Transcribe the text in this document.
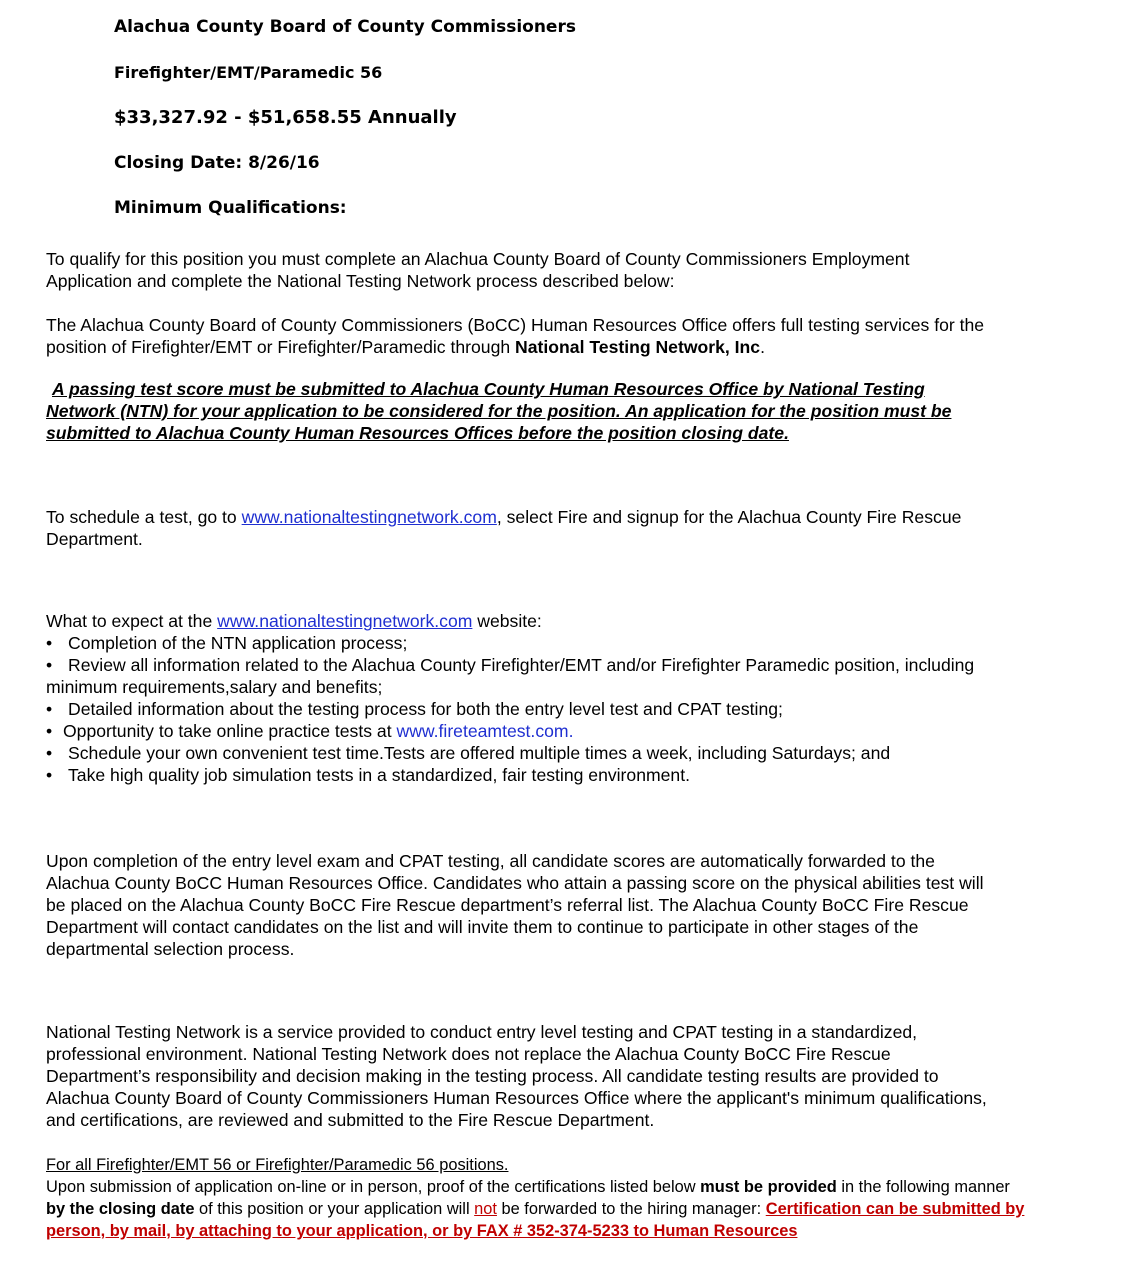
Alachua County Board of County Commissioners
Firefighter/EMT/Paramedic 56
$33,327.92 - $51,658.55 Annually
Closing Date: 8/26/16
Minimum Qualifications:
To qualify for this position you must complete an Alachua County Board of County Commissioners Employment
Application and complete the National Testing Network process described below:
The Alachua County Board of County Commissioners (BoCC) Human Resources Office offers full testing services for the
position of Firefighter/EMT or Firefighter/Paramedic through National Testing Network, Inc.
A passing test score must be submitted to Alachua County Human Resources Office by National Testing
Network (NTN) for your application to be considered for the position. An application for the position must be
submitted to Alachua County Human Resources Offices before the position closing date.
To schedule a test, go to www.nationaltestingnetwork.com, select Fire and signup for the Alachua County Fire Rescue
Department.
What to expect at the www.nationaltestingnetwork.com website:
• Completion of the NTN application process;
• Review all information related to the Alachua County Firefighter/EMT and/or Firefighter Paramedic position, including
minimum requirements,salary and benefits;
• Detailed information about the testing process for both the entry level test and CPAT testing;
• Opportunity to take online practice tests at www.fireteamtest.com.
• Schedule your own convenient test time.Tests are offered multiple times a week, including Saturdays; and
• Take high quality job simulation tests in a standardized, fair testing environment.
Upon completion of the entry level exam and CPAT testing, all candidate scores are automatically forwarded to the
Alachua County BoCC Human Resources Office. Candidates who attain a passing score on the physical abilities test will
be placed on the Alachua County BoCC Fire Rescue department’s referral list. The Alachua County BoCC Fire Rescue
Department will contact candidates on the list and will invite them to continue to participate in other stages of the
departmental selection process.
National Testing Network is a service provided to conduct entry level testing and CPAT testing in a standardized,
professional environment. National Testing Network does not replace the Alachua County BoCC Fire Rescue
Department’s responsibility and decision making in the testing process. All candidate testing results are provided to
Alachua County Board of County Commissioners Human Resources Office where the applicant's minimum qualifications,
and certifications, are reviewed and submitted to the Fire Rescue Department.
For all Firefighter/EMT 56 or Firefighter/Paramedic 56 positions.
Upon submission of application on-line or in person, proof of the certifications listed below must be provided in the following manner
by the closing date of this position or your application will not be forwarded to the hiring manager: Certification can be submitted by
person, by mail, by attaching to your application, or by FAX # 352-374-5233 to Human Resources
